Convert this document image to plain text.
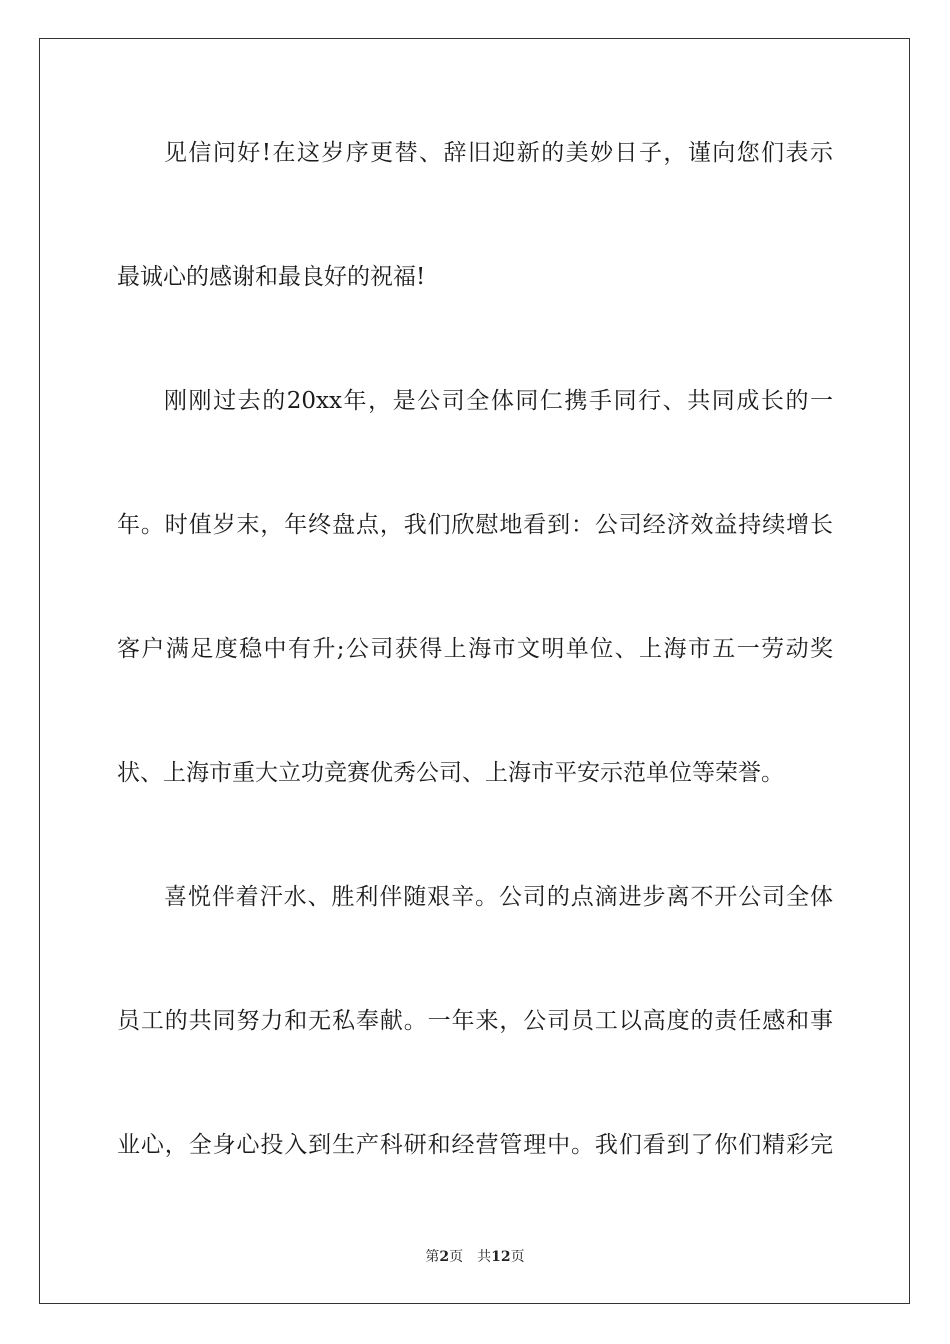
见信问好!在这岁序更替、辞旧迎新的美妙日子，谨向您们表示
最诚心的感谢和最良好的祝福!
刚刚过去的20xx年，是公司全体同仁携手同行、共同成长的一
年。时值岁末，年终盘点，我们欣慰地看到：公司经济效益持续增长
客户满足度稳中有升;公司获得上海市文明单位、上海市五一劳动奖
状、上海市重大立功竞赛优秀公司、上海市平安示范单位等荣誉。
喜悦伴着汗水、胜利伴随艰辛。公司的点滴进步离不开公司全体
员工的共同努力和无私奉献。一年来，公司员工以高度的责任感和事
业心，全身心投入到生产科研和经营管理中。我们看到了你们精彩完
第2页 共12页
